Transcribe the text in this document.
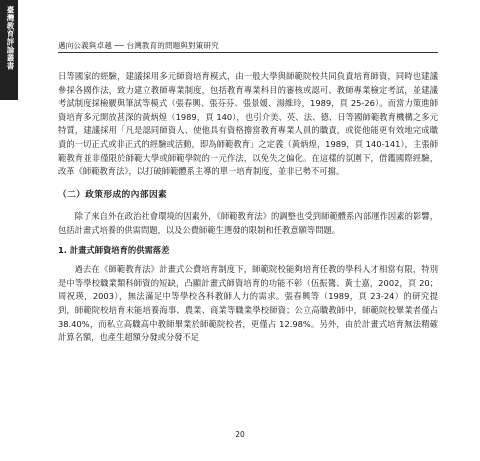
臺灣教育評論叢書	邁向公義與卓越 ── 台灣教育的問題與對策研究

日等國家的經驗，建議採用多元師資培育模式，由一般大學與師範院校共同負責培育師資，同時也建議參採各國作法，致力建立教師專業制度，包括教育專業科目的審核或認可、教師專業檢定考試，並建議考試制度採檢覈與筆試等模式（張春興、張芬芬、張景媛、湯維玲，1989，頁 25-26）。而當力策進師資培育多元開放甚深的黃炳煌（1989，頁 140），也引介美、英、法、德、日等國師範教育機構之多元特質，建議採用「凡是認同師資人、使他具有資格擔當教育專業人員的職責，或從他能更有效地完成職責的一切正式或非正式的經驗或活動，即為師範教育」之定義（黃炳煌，1989，頁 140-141），主張師範教育並非僅限於師範大學或師範學院的一元作法，以免失之偏化。在這樣的氛圍下，借鑑國際經驗，改革《師範教育法》，以打破師範體系主導的單一培育制度，並非已勢不可擋。

（二）政策形成的內部因素

除了來自外在政治社會環境的因素外，《師範教育法》的調整也受到師範體系內部運作因素的影響，包括計畫式培養的供需問題，以及公費師範生選發的限制和任教意願等問題。

1. 計畫式師資培育的供需落差

過去在《師範教育法》計畫式公費培育制度下，師範院校能夠培育任教的學科人才相當有限，特別是中等學校職業類科師資的短缺，凸顯計畫式師資培育的功能不彰（伍振鷟、黃士嘉，2002，頁 20；周祝瑛，2003），無法滿足中等學校各科教師人力的需求。張春興等（1989，頁 23-24）的研究提到，師範院校培育未能培養海事、農業、商業等職業學校師資；公立高職教師中，師範院校畢業者僅占 38.40%，而私立高職高中教師畢業於師範院校者，更僅占 12.98%。另外，由於計畫式培育無法精確計算名額，也產生超額分發或分發不足

20
